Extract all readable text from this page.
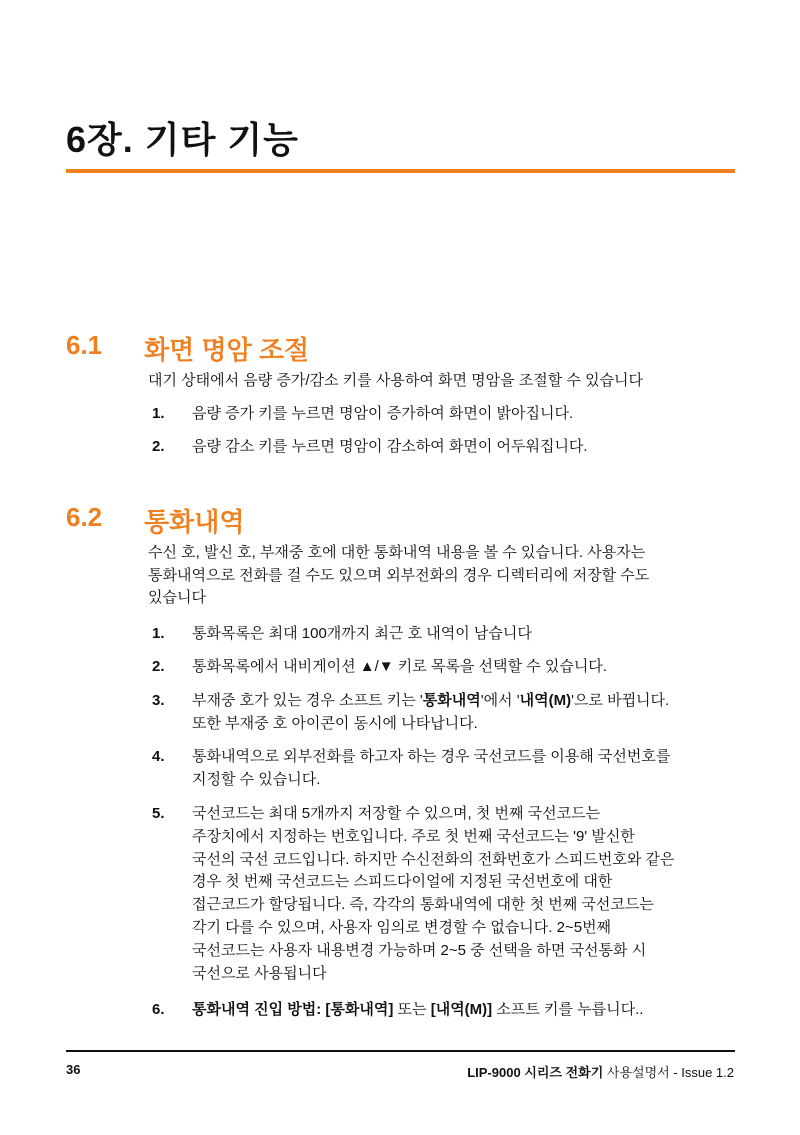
6장. 기타 기능
6.1 화면 명암 조절
대기 상태에서 음량 증가/감소 키를 사용하여 화면 명암을 조절할 수 있습니다
1. 음량 증가 키를 누르면 명암이 증가하여 화면이 밝아집니다.
2. 음량 감소 키를 누르면 명암이 감소하여 화면이 어두워집니다.
6.2 통화내역
수신 호, 발신 호, 부재중 호에 대한 통화내역 내용을 볼 수 있습니다. 사용자는
통화내역으로 전화를 걸 수도 있으며 외부전화의 경우 디렉터리에 저장할 수도
있습니다
1. 통화목록은 최대 100개까지 최근 호 내역이 남습니다
2. 통화목록에서 내비게이션 ▲/▼ 키로 목록을 선택할 수 있습니다.
3. 부재중 호가 있는 경우 소프트 키는 '통화내역'에서 '내역(M)'으로 바뀝니다.
또한 부재중 호 아이콘이 동시에 나타납니다.
4. 통화내역으로 외부전화를 하고자 하는 경우 국선코드를 이용해 국선번호를
지정할 수 있습니다.
5. 국선코드는 최대 5개까지 저장할 수 있으며, 첫 번째 국선코드는
주장치에서 지정하는 번호입니다. 주로 첫 번째 국선코드는 '9' 발신한
국선의 국선 코드입니다. 하지만 수신전화의 전화번호가 스피드번호와 같은
경우 첫 번째 국선코드는 스피드다이얼에 지정된 국선번호에 대한
접근코드가 할당됩니다. 즉, 각각의 통화내역에 대한 첫 번째 국선코드는
각기 다를 수 있으며, 사용자 임의로 변경할 수 없습니다. 2~5번째
국선코드는 사용자 내용변경 가능하며 2~5 중 선택을 하면 국선통화 시
국선으로 사용됩니다
6. 통화내역 진입 방법: [통화내역] 또는 [내역(M)] 소프트 키를 누릅니다..
36	LIP-9000 시리즈 전화기 사용설명서 - Issue 1.2
